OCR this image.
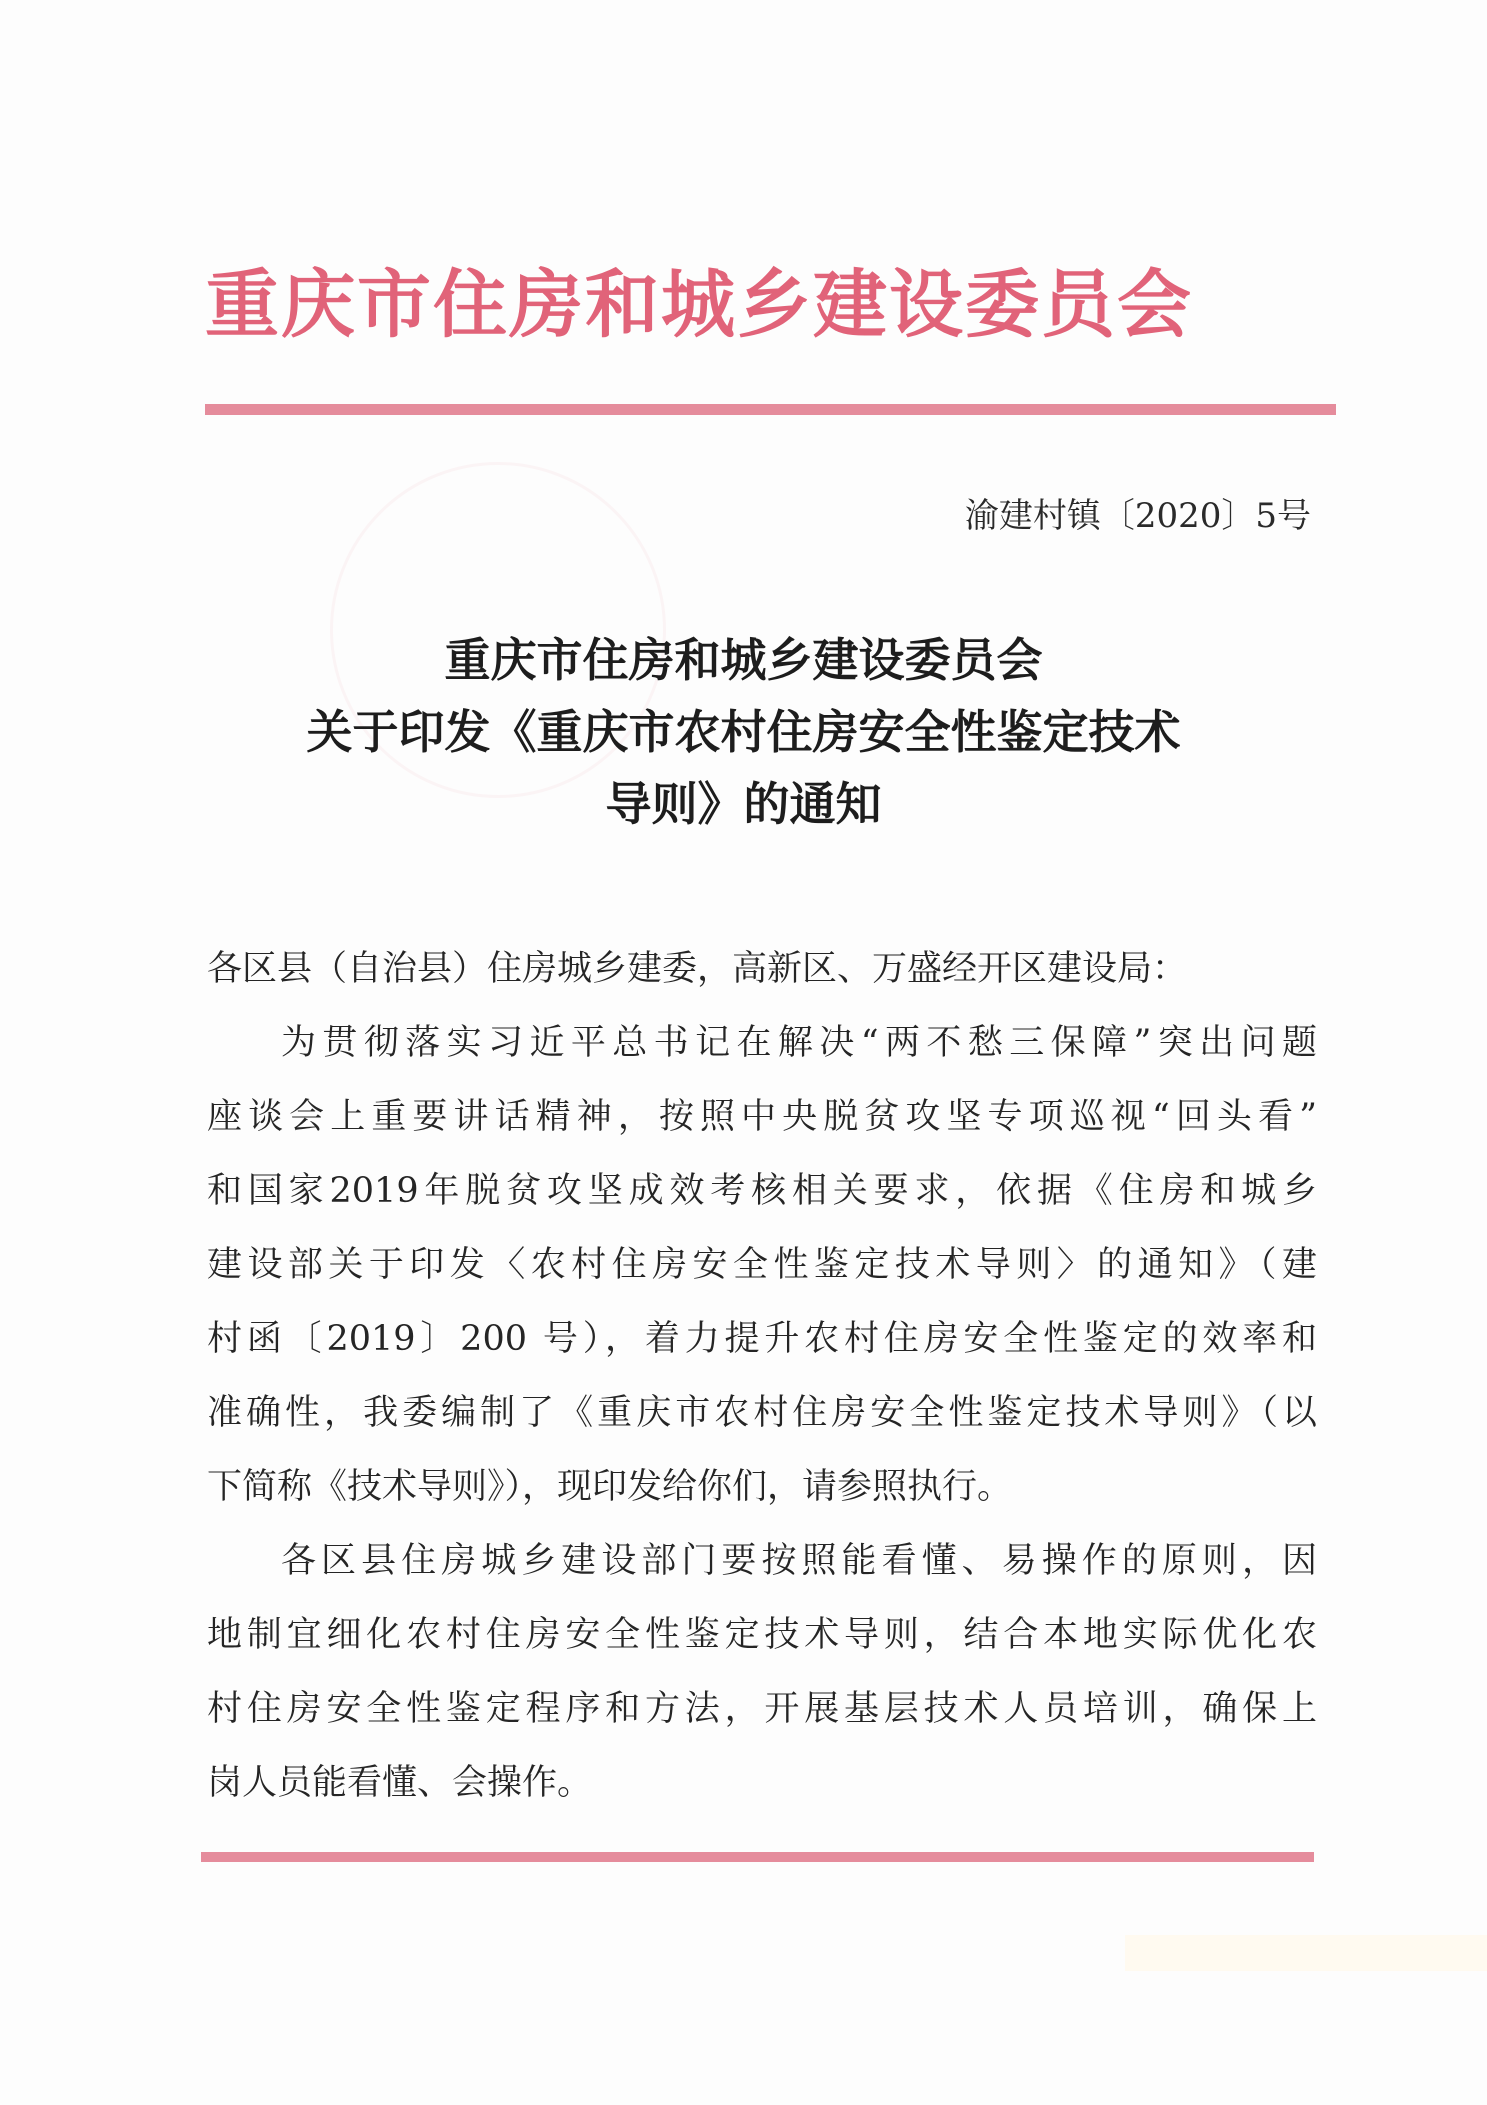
重庆市住房和城乡建设委员会
渝建村镇〔2020〕5号
重庆市住房和城乡建设委员会
关于印发《重庆市农村住房安全性鉴定技术
导则》的通知
各区县（自治县）住房城乡建委，高新区、万盛经开区建设局：
为贯彻落实习近平总书记在解决“两不愁三保障”突出问题
座谈会上重要讲话精神，按照中央脱贫攻坚专项巡视“回头看”
和国家2019年脱贫攻坚成效考核相关要求，依据《住房和城乡
建设部关于印发〈农村住房安全性鉴定技术导则〉的通知》（建
村函〔2019〕200 号），着力提升农村住房安全性鉴定的效率和
准确性，我委编制了《重庆市农村住房安全性鉴定技术导则》（以
下简称《技术导则》），现印发给你们，请参照执行。
各区县住房城乡建设部门要按照能看懂、易操作的原则，因
地制宜细化农村住房安全性鉴定技术导则，结合本地实际优化农
村住房安全性鉴定程序和方法，开展基层技术人员培训，确保上
岗人员能看懂、会操作。
